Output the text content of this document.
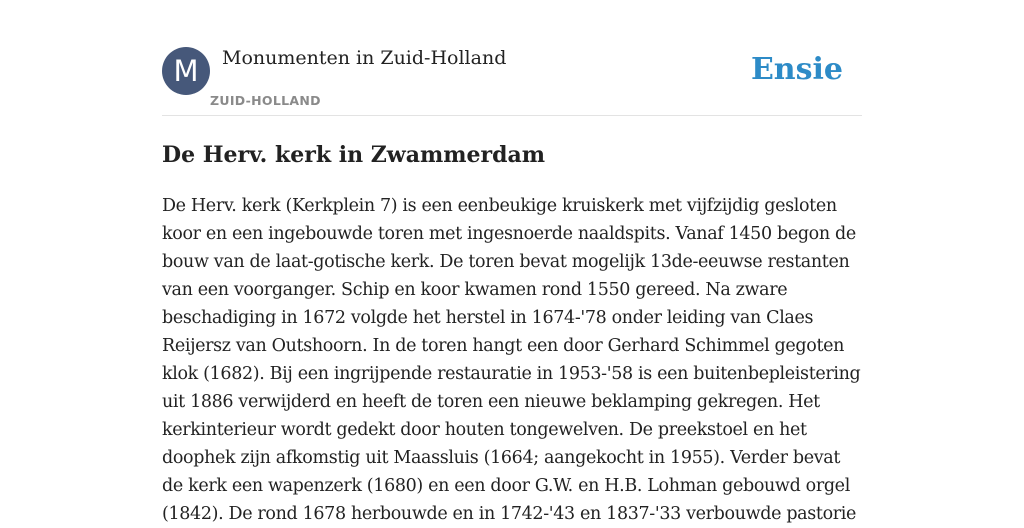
M	Monumenten in Zuid-Holland
ZUID-HOLLAND
Ensie
De Herv. kerk in Zwammerdam

De Herv. kerk (Kerkplein 7) is een eenbeukige kruiskerk met vijfzijdig gesloten koor en een ingebouwde toren met ingesnoerde naaldspits. Vanaf 1450 begon de bouw van de laat-gotische kerk. De toren bevat mogelijk 13de-eeuwse restanten van een voorganger. Schip en koor kwamen rond 1550 gereed. Na zware beschadiging in 1672 volgde het herstel in 1674-'78 onder leiding van Claes Reijersz van Outshoorn. In de toren hangt een door Gerhard Schimmel gegoten klok (1682). Bij een ingrijpende restauratie in 1953-'58 is een buitenbepleistering uit 1886 verwijderd en heeft de toren een nieuwe beklamping gekregen. Het kerkinterieur wordt gedekt door houten tongewelven. De preekstoel en het doophek zijn afkomstig uit Maassluis (1664; aangekocht in 1955). Verder bevat de kerk een wapenzerk (1680) en een door G.W. en H.B. Lohman gebouwd orgel (1842). De rond 1678 herbouwde en in 1742-'43 en 1837-'33 verbouwde pastorie
